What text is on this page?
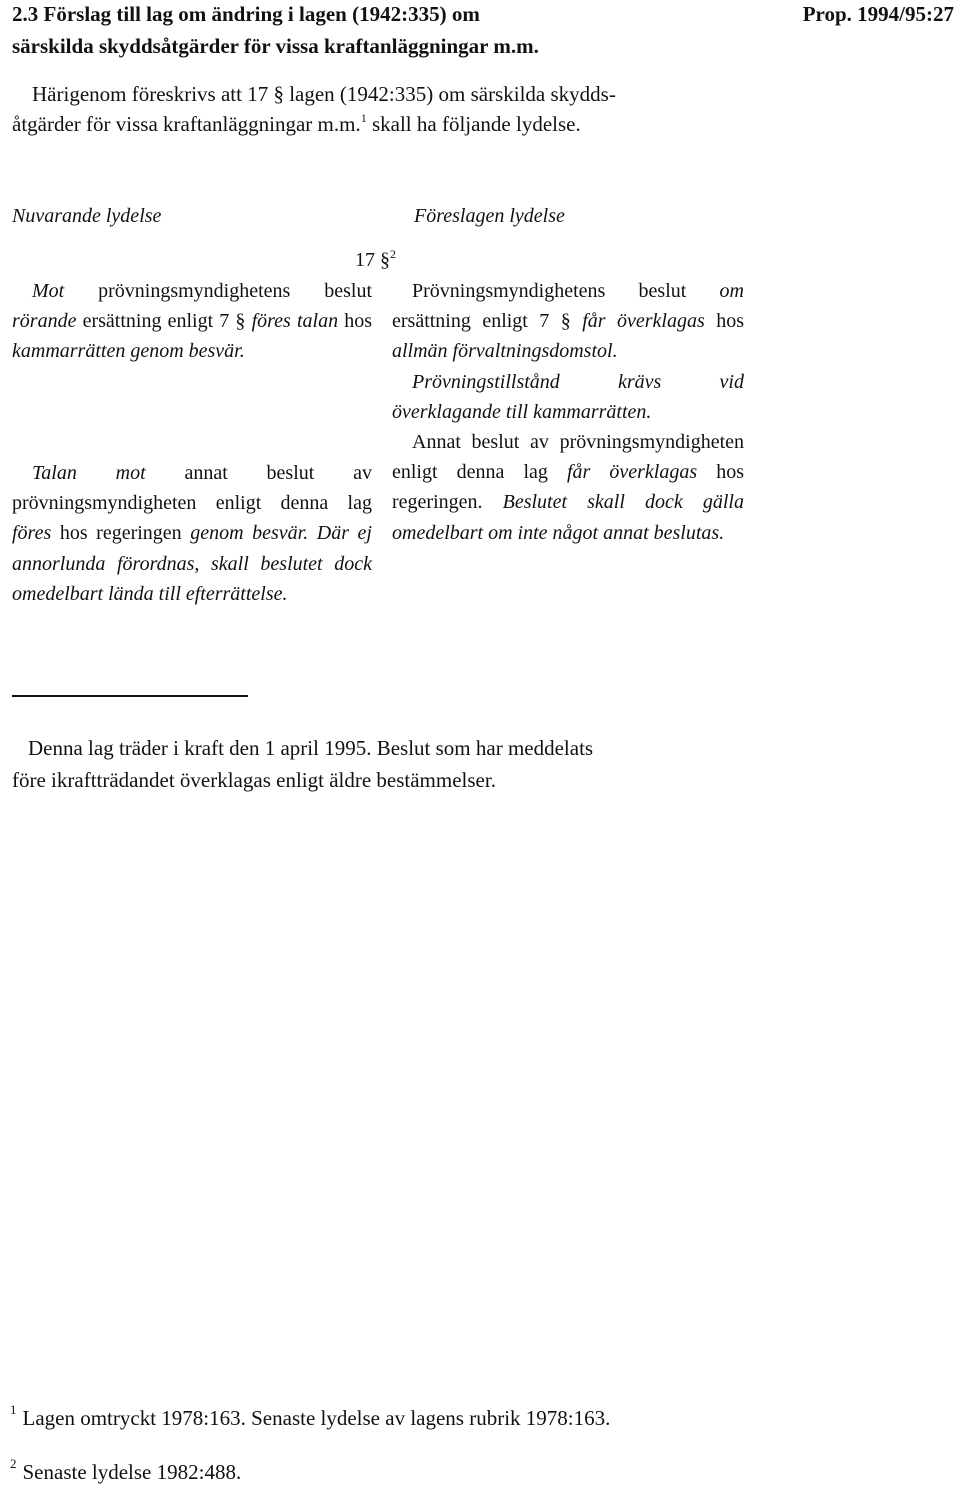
2.3 Förslag till lag om ändring i lagen (1942:335) om
särskilda skyddsåtgärder för vissa kraftanläggningar m.m.
Prop. 1994/95:27
Härigenom föreskrivs att 17 § lagen (1942:335) om särskilda skydds-
åtgärder för vissa kraftanläggningar m.m.$^1$ skall ha följande lydelse.
Nuvarande lydelse	Föreslagen lydelse
17 §$^2$

Mot prövningsmyndighetens beslut rörande ersättning enligt 7 § föres talan hos kammarrätten genom besvär.

Talan mot annat beslut av prövningsmyndigheten enligt denna lag föres hos regeringen genom besvär. Där ej annorlunda förordnas, skall beslutet dock omedelbart lända till efterrättelse.

Prövningsmyndighetens beslut om ersättning enligt 7 § får överklagas hos allmän förvaltningsdomstol.

Prövningstillstånd krävs vid överklagande till kammarrätten.

Annat beslut av prövningsmyndigheten enligt denna lag får överklagas hos regeringen. Beslutet skall dock gälla omedelbart om inte något annat beslutas.

Denna lag träder i kraft den 1 april 1995. Beslut som har meddelats
före ikraftträdandet överklagas enligt äldre bestämmelser.
$^1$ Lagen omtryckt 1978:163. Senaste lydelse av lagens rubrik 1978:163.
$^2$ Senaste lydelse 1982:488.
